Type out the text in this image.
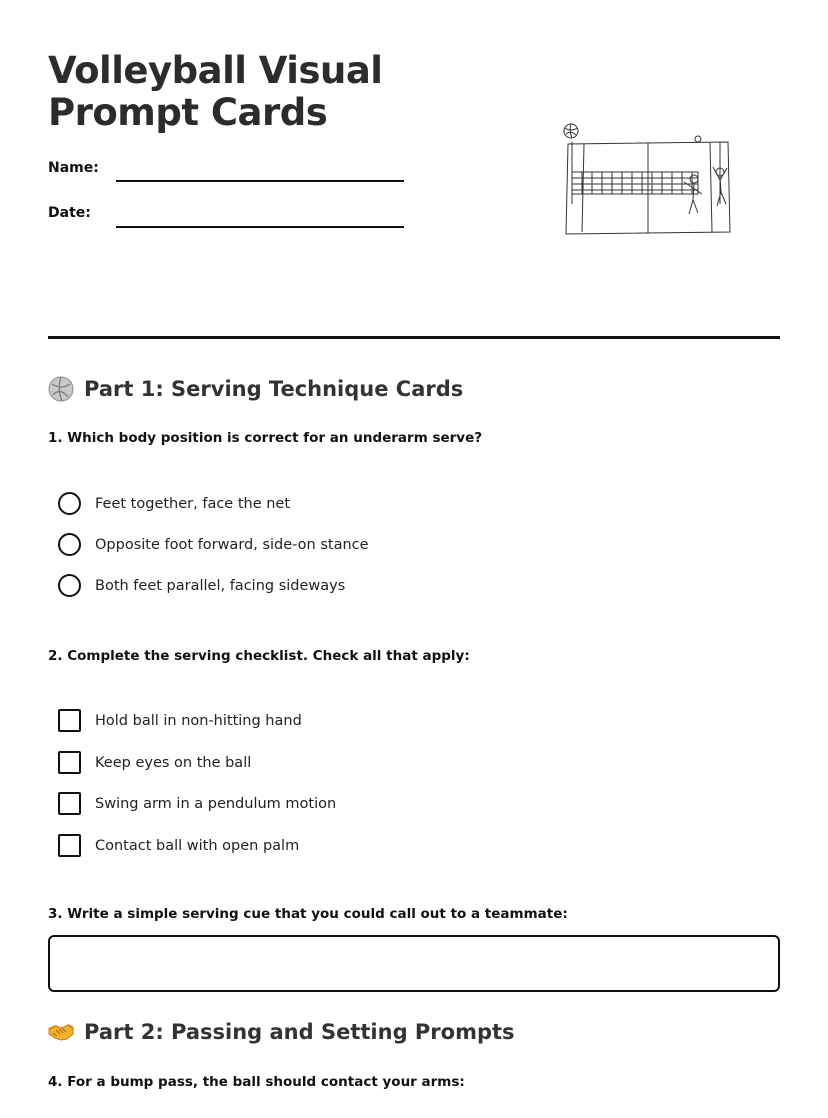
Volleyball Visual Prompt Cards
Name:
Date:
Part 1: Serving Technique Cards
1. Which body position is correct for an underarm serve?
Feet together, face the net
Opposite foot forward, side-on stance
Both feet parallel, facing sideways
2. Complete the serving checklist. Check all that apply:
Hold ball in non-hitting hand
Keep eyes on the ball
Swing arm in a pendulum motion
Contact ball with open palm
3. Write a simple serving cue that you could call out to a teammate:
Part 2: Passing and Setting Prompts
4. For a bump pass, the ball should contact your arms:
